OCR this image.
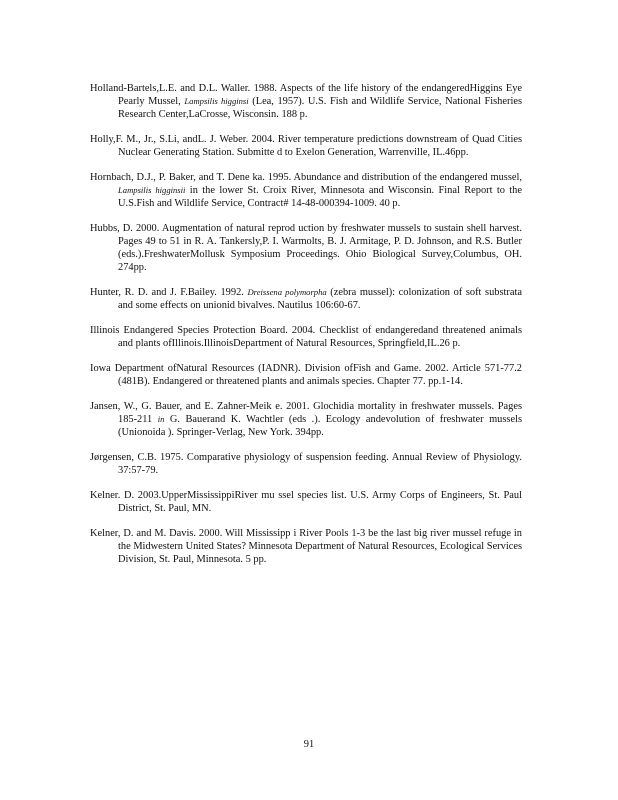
Holland-Bartels,L.E. and D.L. Waller. 1988. Aspects of the life history of the endangeredHiggins Eye Pearly Mussel, Lampsilis higginsi (Lea, 1957). U.S. Fish and Wildlife Service, National Fisheries Research Center,LaCrosse, Wisconsin. 188 p.

Holly,F. M., Jr., S.Li, andL. J. Weber. 2004. River temperature predictions downstream of Quad Cities Nuclear Generating Station. Submitte d to Exelon Generation, Warrenville, IL.46pp.

Hornbach, D.J., P. Baker, and T. Dene ka. 1995. Abundance and distribution of the endangered mussel, Lampsilis higginsii in the lower St. Croix River, Minnesota and Wisconsin. Final Report to the U.S.Fish and Wildlife Service, Contract# 14-48-000394-1009. 40 p.

Hubbs, D. 2000. Augmentation of natural reprod uction by freshwater mussels to sustain shell harvest. Pages 49 to 51 in R. A. Tankersly,P. I. Warmolts, B. J. Armitage, P. D. Johnson, and R.S. Butler (eds.).FreshwaterMollusk Symposium Proceedings. Ohio Biological Survey,Columbus, OH. 274pp.

Hunter, R. D. and J. F.Bailey. 1992. Dreissena polymorpha (zebra mussel): colonization of soft substrata and some effects on unionid bivalves. Nautilus 106:60-67.

Illinois Endangered Species Protection Board. 2004. Checklist of endangeredand threatened animals and plants ofIllinois.IllinoisDepartment of Natural Resources, Springfield,IL.26 p.

Iowa Department ofNatural Resources (IADNR). Division ofFish and Game. 2002. Article 571-77.2 (481B). Endangered or threatened plants and animals species. Chapter 77. pp.1-14.

Jansen, W., G. Bauer, and E. Zahner-Meik e. 2001. Glochidia mortality in freshwater mussels. Pages 185-211 in G. Bauerand K. Wachtler (eds .). Ecology andevolution of freshwater mussels (Unionoida ). Springer-Verlag, New York. 394pp.

Jørgensen, C.B. 1975. Comparative physiology of suspension feeding. Annual Review of Physiology. 37:57-79.

Kelner. D. 2003.UpperMississippiRiver mu ssel species list. U.S. Army Corps of Engineers, St. Paul District, St. Paul, MN.

Kelner, D. and M. Davis. 2000. Will Mississipp i River Pools 1-3 be the last big river mussel refuge in the Midwestern United States? Minnesota Department of Natural Resources, Ecological Services Division, St. Paul, Minnesota. 5 pp.

91
